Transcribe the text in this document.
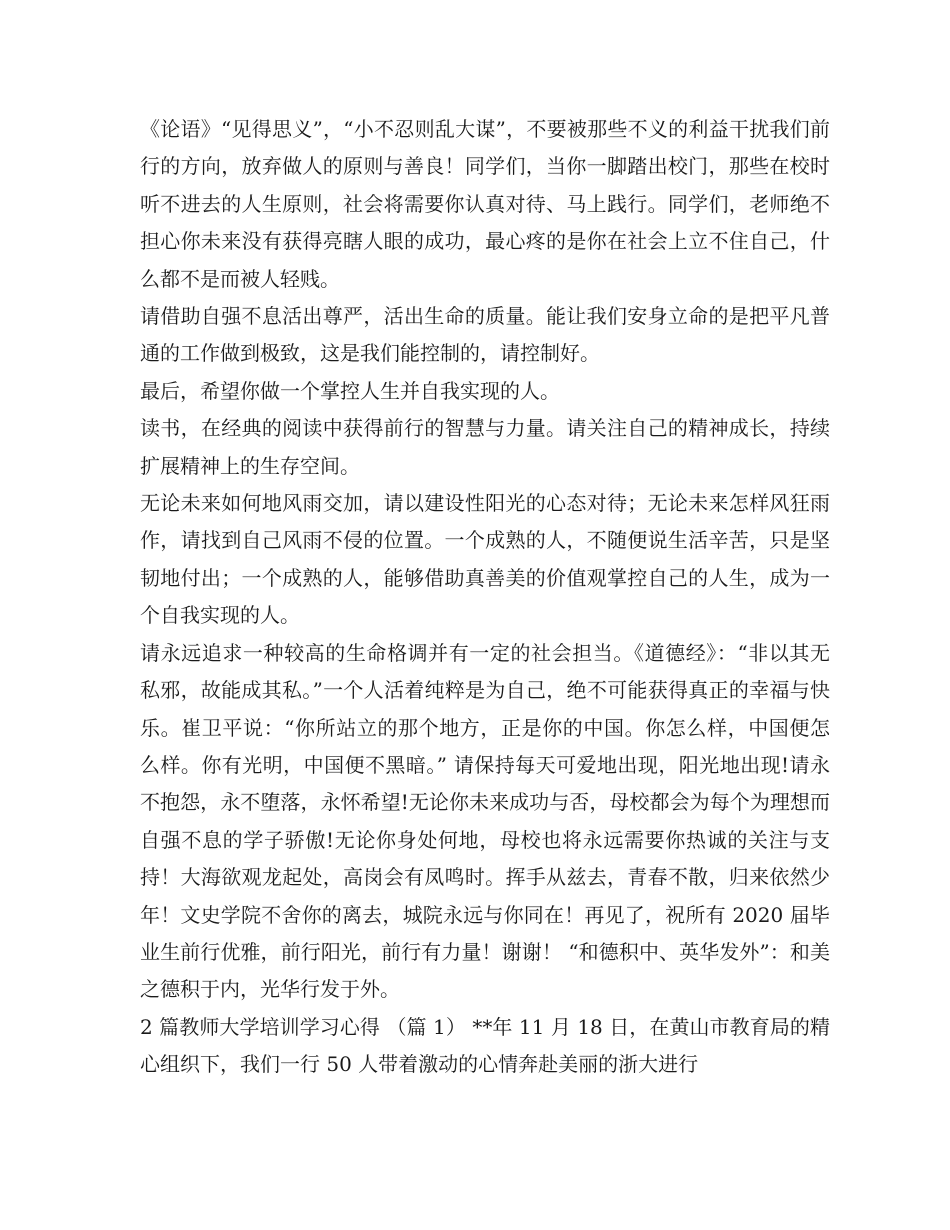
《论语》“见得思义”，“小不忍则乱大谋”，不要被那些不义的利益干扰我们前行的方向，放弃做人的原则与善良！同学们，当你一脚踏出校门，那些在校时听不进去的人生原则，社会将需要你认真对待、马上践行。同学们，老师绝不担心你未来没有获得亮瞎人眼的成功，最心疼的是你在社会上立不住自己，什么都不是而被人轻贱。

请借助自强不息活出尊严，活出生命的质量。能让我们安身立命的是把平凡普通的工作做到极致，这是我们能控制的，请控制好。

最后，希望你做一个掌控人生并自我实现的人。

读书，在经典的阅读中获得前行的智慧与力量。请关注自己的精神成长，持续扩展精神上的生存空间。

无论未来如何地风雨交加，请以建设性阳光的心态对待；无论未来怎样风狂雨作，请找到自己风雨不侵的位置。一个成熟的人，不随便说生活辛苦，只是坚韧地付出；一个成熟的人，能够借助真善美的价值观掌控自己的人生，成为一个自我实现的人。

请永远追求一种较高的生命格调并有一定的社会担当。《道德经》：“非以其无私邪，故能成其私。”一个人活着纯粹是为自己，绝不可能获得真正的幸福与快乐。崔卫平说：“你所站立的那个地方，正是你的中国。你怎么样，中国便怎么样。你有光明，中国便不黑暗。” 请保持每天可爱地出现，阳光地出现!请永不抱怨，永不堕落，永怀希望!无论你未来成功与否，母校都会为每个为理想而自强不息的学子骄傲!无论你身处何地，母校也将永远需要你热诚的关注与支持！大海欲观龙起处，高岗会有凤鸣时。挥手从兹去，青春不散，归来依然少年！文史学院不舍你的离去，城院永远与你同在！再见了，祝所有 2020 届毕业生前行优雅，前行阳光，前行有力量！谢谢！ “和德积中、英华发外”：和美之德积于内，光华行发于外。

2 篇教师大学培训学习心得 （篇 1） **年 11 月 18 日，在黄山市教育局的精心组织下，我们一行 50 人带着激动的心情奔赴美丽的浙大进行
